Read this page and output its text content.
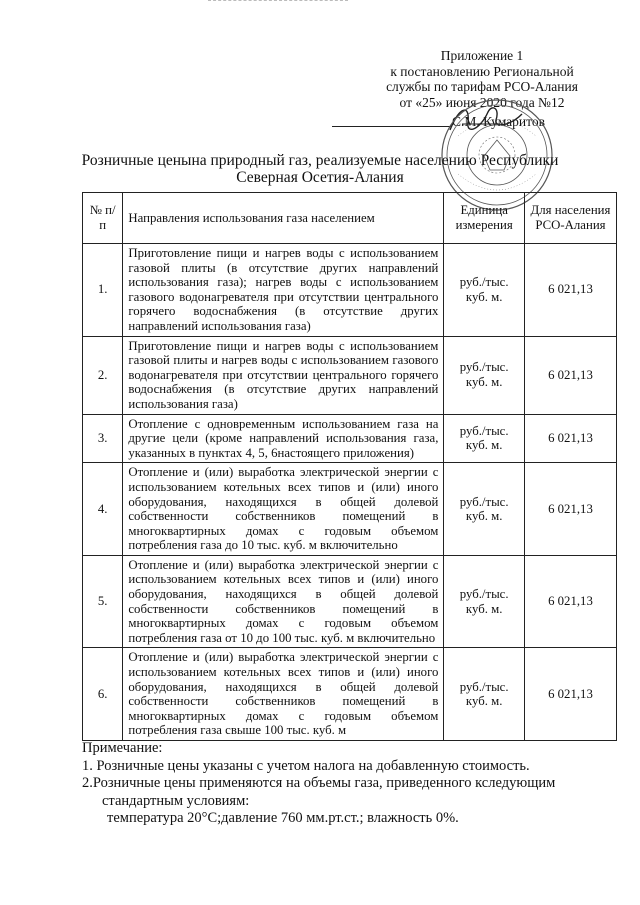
Приложение 1
к постановлению Региональной
службы по тарифам РСО-Алания
от «25» июня 2020 года №12
С.М. Кумаритов
Розничные ценына природный газ, реализуемые населению Республики
Северная Осетия-Алания
№ п/п	Направления использования газа населением	Единица измерения	Для населения РСО-Алания
1.	Приготовление пищи и нагрев воды с использованием газовой плиты (в отсутствие других направлений использования газа); нагрев воды с использованием газового водонагревателя при отсутствии центрального горячего водоснабжения (в отсутствие других направлений использования газа)	руб./тыс. куб. м.	6 021,13
2.	Приготовление пищи и нагрев воды с использованием газовой плиты и нагрев воды с использованием газового водонагревателя при отсутствии центрального горячего водоснабжения (в отсутствие других направлений использования газа)	руб./тыс. куб. м.	6 021,13
3.	Отопление с одновременным использованием газа на другие цели (кроме направлений использования газа, указанных в пунктах 4, 5, 6настоящего приложения)	руб./тыс. куб. м.	6 021,13
4.	Отопление и (или) выработка электрической энергии с использованием котельных всех типов и (или) иного оборудования, находящихся в общей долевой собственности собственников помещений в многоквартирных домах с годовым объемом потребления газа до 10 тыс. куб. м включительно	руб./тыс. куб. м.	6 021,13
5.	Отопление и (или) выработка электрической энергии с использованием котельных всех типов и (или) иного оборудования, находящихся в общей долевой собственности собственников помещений в многоквартирных домах с годовым объемом потребления газа от 10 до 100 тыс. куб. м включительно	руб./тыс. куб. м.	6 021,13
6.	Отопление и (или) выработка электрической энергии с использованием котельных всех типов и (или) иного оборудования, находящихся в общей долевой собственности собственников помещений в многоквартирных домах с годовым объемом потребления газа свыше 100 тыс. куб. м	руб./тыс. куб. м.	6 021,13
Примечание:
1. Розничные цены указаны с учетом налога на добавленную стоимость.
2.Розничные цены применяются на объемы газа, приведенного кследующим
стандартным условиям:
температура 20°С;давление 760 мм.рт.ст.; влажность 0%.
